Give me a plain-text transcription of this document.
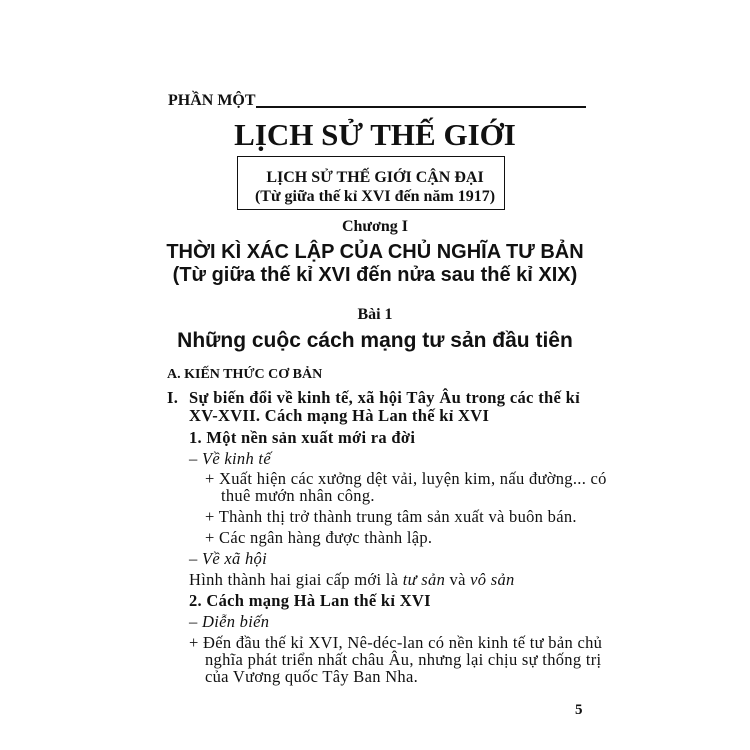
PHẦN MỘT
LỊCH SỬ THẾ GIỚI
LỊCH SỬ THẾ GIỚI CẬN ĐẠI
(Từ giữa thế kỉ XVI đến năm 1917)
Chương I
THỜI KÌ XÁC LẬP CỦA CHỦ NGHĨA TƯ BẢN
(Từ giữa thế kỉ XVI đến nửa sau thế kỉ XIX)
Bài 1
Những cuộc cách mạng tư sản đầu tiên
A. KIẾN THỨC CƠ BẢN
I. Sự biến đổi về kinh tế, xã hội Tây Âu trong các thế kỉ
XV-XVII. Cách mạng Hà Lan thế kỉ XVI
1. Một nền sản xuất mới ra đời
– Về kinh tế
+ Xuất hiện các xưởng dệt vải, luyện kim, nấu đường... có
thuê mướn nhân công.
+ Thành thị trở thành trung tâm sản xuất và buôn bán.
+ Các ngân hàng được thành lập.
– Về xã hội
Hình thành hai giai cấp mới là tư sản và vô sản
2. Cách mạng Hà Lan thế kỉ XVI
– Diễn biến
+ Đến đầu thế kỉ XVI, Nê-déc-lan có nền kinh tế tư bản chủ
nghĩa phát triển nhất châu Âu, nhưng lại chịu sự thống trị
của Vương quốc Tây Ban Nha.
5
